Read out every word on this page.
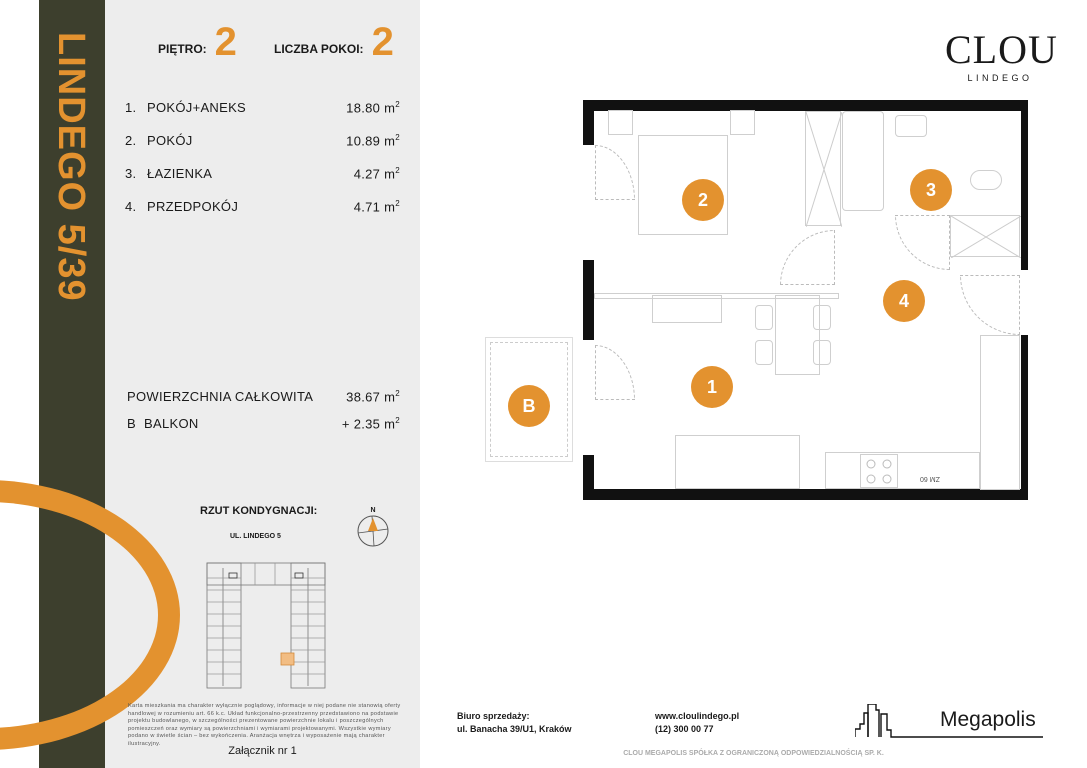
LINDEGO 5/39	PIĘTRO: 2	LICZBA POKOI: 2
1. POKÓJ+ANEKS	18.80 $m^2$
2. POKÓJ	10.89 $m^2$
3. ŁAZIENKA	4.27 $m^2$
4. PRZEDPOKÓJ	4.71 $m^2$
POWIERZCHNIA CAŁKOWITA	38.67 $m^2$
B BALKON	+ 2.35 $m^2$
RZUT KONDYGNACJI:
UL. LINDEGO 5
N
Karta mieszkania ma charakter wyłącznie poglądowy, informacje w niej podane nie stanowią oferty handlowej w rozumieniu art. 66 k.c. Układ funkcjonalno-przestrzenny przedstawiono na podstawie projektu budowlanego, w szczególności prezentowane powierzchnie lokalu i poszczególnych pomieszczeń oraz wymiary są powierzchniami i wymiarami projektowanymi. Wszystkie wymiary podano w świetle ścian – bez wykończenia. Aranżacja wnętrza i wyposażenie mają charakter ilustracyjny.
Załącznik nr 1
CLOU
LINDEGO
ZM 60
2	3
4
1
B
Biuro sprzedaży:
ul. Banacha 39/U1, Kraków
www.cloulindego.pl
(12) 300 00 77	Megapolis
CLOU MEGAPOLIS SPÓŁKA Z OGRANICZONĄ ODPOWIEDZIALNOŚCIĄ SP. K.
